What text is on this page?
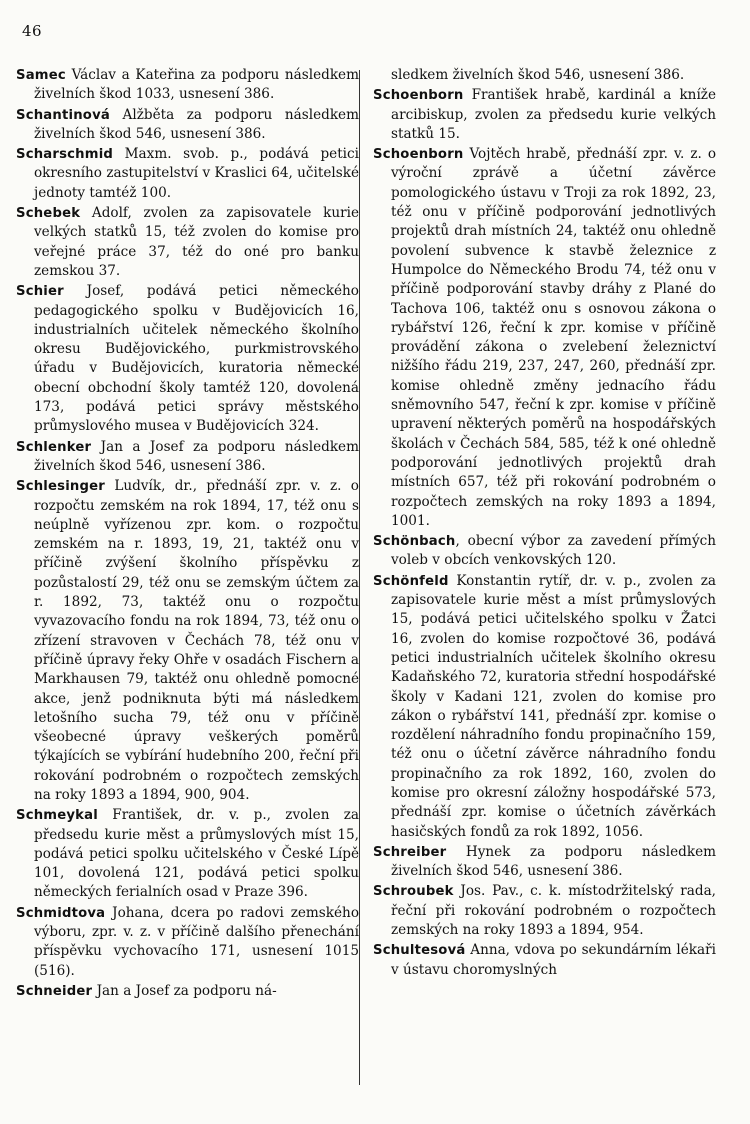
46

Samec Václav a Kateřina za podporu následkem živelních škod 1033, usnesení 386.

Schantinová Alžběta za podporu následkem živelních škod 546, usnesení 386.

Scharschmid Maxm. svob. p., podává petici okresního zastupitelství v Kraslici 64, učitelské jednoty tamtéž 100.

Schebek Adolf, zvolen za zapisovatele kurie velkých statků 15, též zvolen do komise pro veřejné práce 37, též do oné pro banku zemskou 37.

Schier Josef, podává petici německého pedagogického spolku v Budějovicích 16, industrialních učitelek německého školního okresu Budějovického, purkmistrovského úřadu v Budějovicích, kuratoria německé obecní obchodní školy tamtéž 120, dovolená 173, podává petici správy městského průmyslového musea v Budějovicích 324.

Schlenker Jan a Josef za podporu následkem živelních škod 546, usnesení 386.

Schlesinger Ludvík, dr., přednáší zpr. v. z. o rozpočtu zemském na rok 1894, 17, též onu s neúplně vyřízenou zpr. kom. o rozpočtu zemském na r. 1893, 19, 21, taktéž onu v příčině zvýšení školního příspěvku z pozůstalostí 29, též onu se zemským účtem za r. 1892, 73, taktéž onu o rozpočtu vyvazovacího fondu na rok 1894, 73, též onu o zřízení stravoven v Čechách 78, též onu v příčině úpravy řeky Ohře v osadách Fischern a Markhausen 79, taktéž onu ohledně pomocné akce, jenž podniknuta býti má následkem letošního sucha 79, též onu v příčině všeobecné úpravy veškerých poměrů týkajících se vybírání hudebního 200, řeční při rokování podrobném o rozpočtech zemských na roky 1893 a 1894, 900, 904.

Schmeykal František, dr. v. p., zvolen za předsedu kurie měst a průmyslových míst 15, podává petici spolku učitelského v České Lípě 101, dovolená 121, podává petici spolku německých ferialních osad v Praze 396.

Schmidtova Johana, dcera po radovi zemského výboru, zpr. v. z. v příčině dalšího přenechání příspěvku vychovacího 171, usnesení 1015 (516).

Schneider Jan a Josef za podporu ná-

sledkem živelních škod 546, usnesení 386.

Schoenborn František hrabě, kardinál a kníže arcibiskup, zvolen za předsedu kurie velkých statků 15.

Schoenborn Vojtěch hrabě, přednáší zpr. v. z. o výroční zprávě a účetní závěrce pomologického ústavu v Troji za rok 1892, 23, též onu v příčině podporování jednotlivých projektů drah místních 24, taktéž onu ohledně povolení subvence k stavbě železnice z Humpolce do Německého Brodu 74, též onu v příčině podporování stavby dráhy z Plané do Tachova 106, taktéž onu s osnovou zákona o rybářství 126, řeční k zpr. komise v příčině provádění zákona o zvelebení železnictví nižšího řádu 219, 237, 247, 260, přednáší zpr. komise ohledně změny jednacího řádu sněmovního 547, řeční k zpr. komise v příčině upravení některých poměrů na hospodářských školách v Čechách 584, 585, též k oné ohledně podporování jednotlivých projektů drah místních 657, též při rokování podrobném o rozpočtech zemských na roky 1893 a 1894, 1001.

Schönbach, obecní výbor za zavedení přímých voleb v obcích venkovských 120.

Schönfeld Konstantin rytíř, dr. v. p., zvolen za zapisovatele kurie měst a míst průmyslových 15, podává petici učitelského spolku v Žatci 16, zvolen do komise rozpočtové 36, podává petici industrialních učitelek školního okresu Kadaňského 72, kuratoria střední hospodářské školy v Kadani 121, zvolen do komise pro zákon o rybářství 141, přednáší zpr. komise o rozdělení náhradního fondu propinačního 159, též onu o účetní závěrce náhradního fondu propinačního za rok 1892, 160, zvolen do komise pro okresní záložny hospodářské 573, přednáší zpr. komise o účetních závěrkách hasičských fondů za rok 1892, 1056.

Schreiber Hynek za podporu následkem živelních škod 546, usnesení 386.

Schroubek Jos. Pav., c. k. místodržitelský rada, řeční při rokování podrobném o rozpočtech zemských na roky 1893 a 1894, 954.

Schultesová Anna, vdova po sekundárním lékaři v ústavu choromyslných
